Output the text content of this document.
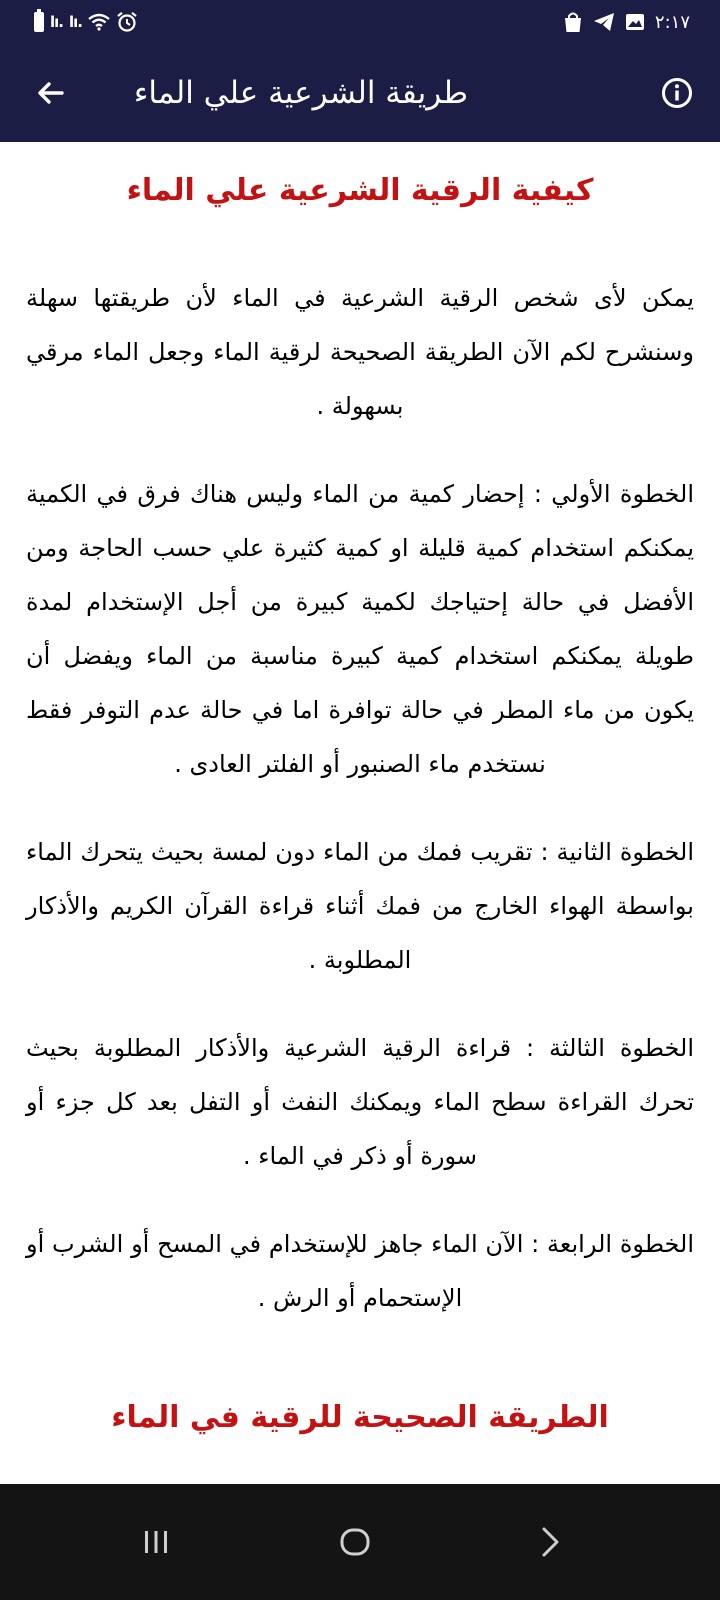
lı. lı.	٢:١٧
طريقة الشرعية علي الماء
كيفية الرقية الشرعية علي الماء

يمكن لأى شخص الرقية الشرعية في الماء لأن طريقتها سهلة وسنشرح لكم الآن الطريقة الصحيحة لرقية الماء وجعل الماء مرقي بسهولة .

الخطوة الأولي : إحضار كمية من الماء وليس هناك فرق في الكمية يمكنكم استخدام كمية قليلة او كمية كثيرة علي حسب الحاجة ومن الأفضل في حالة إحتياجك لكمية كبيرة من أجل الإستخدام لمدة طويلة يمكنكم استخدام كمية كبيرة مناسبة من الماء ويفضل أن يكون من ماء المطر في حالة توافرة اما في حالة عدم التوفر فقط نستخدم ماء الصنبور أو الفلتر العادى .

الخطوة الثانية : تقريب فمك من الماء دون لمسة بحيث يتحرك الماء بواسطة الهواء الخارج من فمك أثناء قراءة القرآن الكريم والأذكار المطلوبة .

الخطوة الثالثة : قراءة الرقية الشرعية والأذكار المطلوبة بحيث تحرك القراءة سطح الماء ويمكنك النفث أو التفل بعد كل جزء أو سورة أو ذكر في الماء .

الخطوة الرابعة : الآن الماء جاهز للإستخدام في المسح أو الشرب أو الإستحمام أو الرش .

الطريقة الصحيحة للرقية في الماء
